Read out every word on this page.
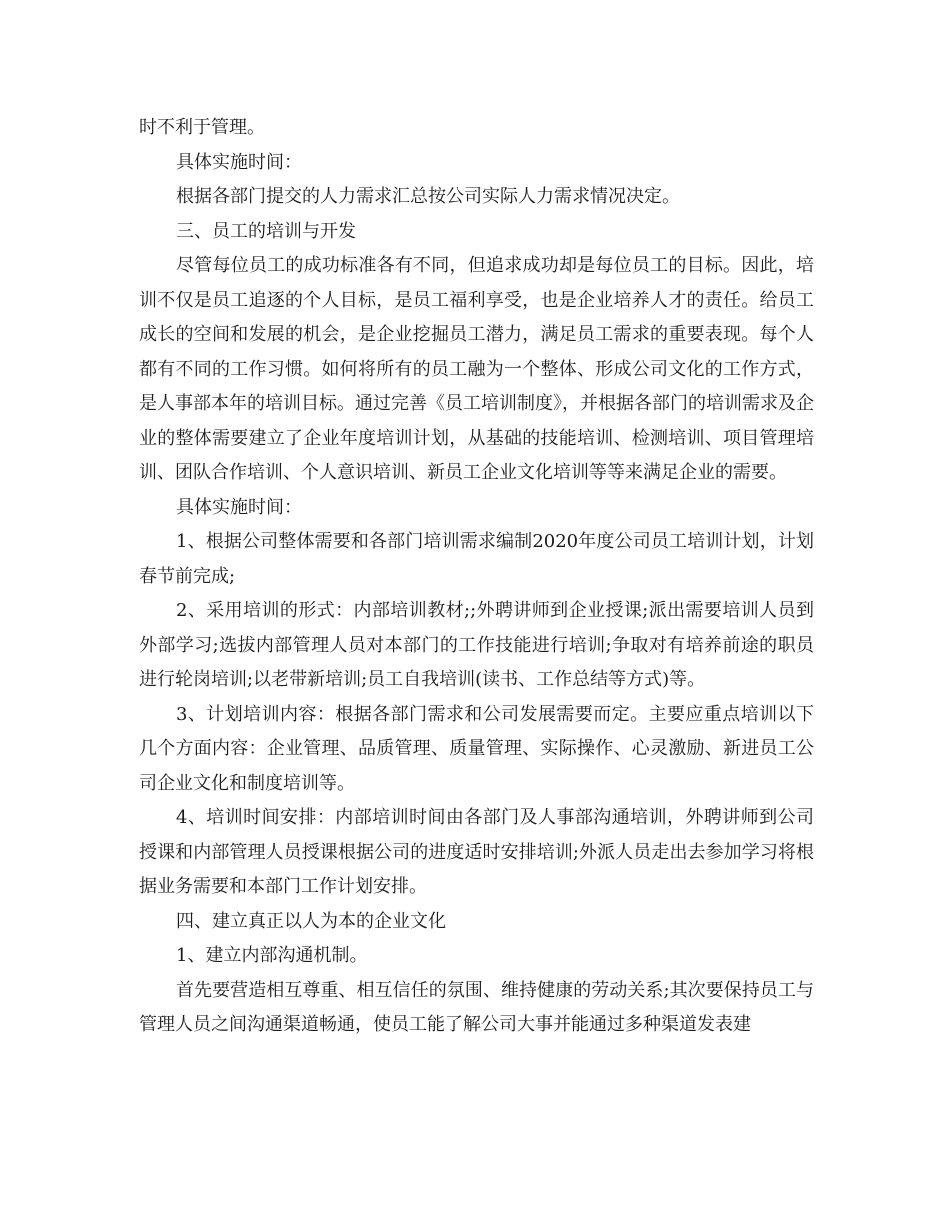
时不利于管理。

具体实施时间：

根据各部门提交的人力需求汇总按公司实际人力需求情况决定。

三、员工的培训与开发

尽管每位员工的成功标准各有不同，但追求成功却是每位员工的目标。因此，培训不仅是员工追逐的个人目标，是员工福利享受，也是企业培养人才的责任。给员工成长的空间和发展的机会，是企业挖掘员工潜力，满足员工需求的重要表现。每个人都有不同的工作习惯。如何将所有的员工融为一个整体、形成公司文化的工作方式，是人事部本年的培训目标。通过完善《员工培训制度》，并根据各部门的培训需求及企业的整体需要建立了企业年度培训计划，从基础的技能培训、检测培训、项目管理培训、团队合作培训、个人意识培训、新员工企业文化培训等等来满足企业的需要。

具体实施时间：

1、根据公司整体需要和各部门培训需求编制2020年度公司员工培训计划，计划春节前完成;

2、采用培训的形式：内部培训教材;;外聘讲师到企业授课;派出需要培训人员到外部学习;选拔内部管理人员对本部门的工作技能进行培训;争取对有培养前途的职员进行轮岗培训;以老带新培训;员工自我培训(读书、工作总结等方式)等。

3、计划培训内容：根据各部门需求和公司发展需要而定。主要应重点培训以下几个方面内容：企业管理、品质管理、质量管理、实际操作、心灵激励、新进员工公司企业文化和制度培训等。

4、培训时间安排：内部培训时间由各部门及人事部沟通培训，外聘讲师到公司授课和内部管理人员授课根据公司的进度适时安排培训;外派人员走出去参加学习将根据业务需要和本部门工作计划安排。

四、建立真正以人为本的企业文化

1、建立内部沟通机制。

首先要营造相互尊重、相互信任的氛围、维持健康的劳动关系;其次要保持员工与管理人员之间沟通渠道畅通，使员工能了解公司大事并能通过多种渠道发表建
